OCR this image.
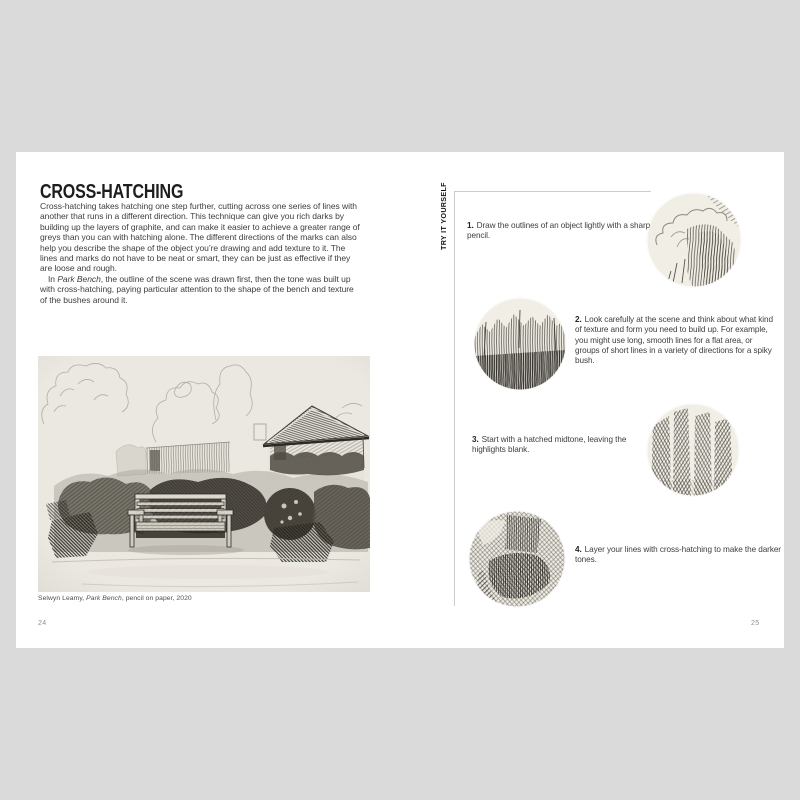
CROSS-HATCHING

Cross-hatching takes hatching one step further, cutting across one series of lines with another that runs in a different direction. This technique can give you rich darks by building up the layers of graphite, and can make it easier to achieve a greater range of greys than you can with hatching alone. The different directions of the marks can also help you describe the shape of the object you’re drawing and add texture to it. The lines and marks do not have to be neat or smart, they can be just as effective if they are loose and rough.

In Park Bench, the outline of the scene was drawn first, then the tone was built up with cross-hatching, paying particular attention to the shape of the bench and texture of the bushes around it.

Selwyn Leamy, Park Bench, pencil on paper, 2020
24
TRY IT YOURSELF	1. Draw the outlines of an object lightly with a sharp pencil.
2. Look carefully at the scene and think about what kind of texture and form you need to build up. For example, you might use long, smooth lines for a flat area, or groups of short lines in a variety of directions for a spiky bush.
3. Start with a hatched midtone, leaving the highlights blank.
4. Layer your lines with cross-hatching to make the darker tones.
25
